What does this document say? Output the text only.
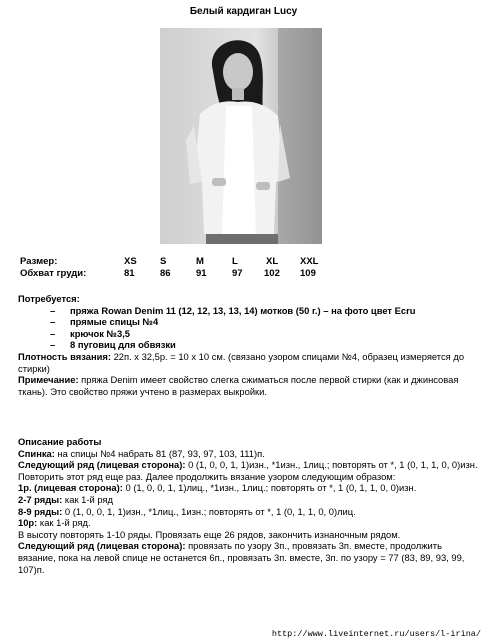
Белый кардиган Lucy
Размер:	XS S	M	L	XL XXL
Обхват груди:	81	86	91	97 102 109

Потребуется:

– пряжа Rowan Denim 11 (12, 12, 13, 13, 14) мотков (50 г.) – на фото цвет Ecru
– прямые спицы №4
– крючок №3,5
– 8 пуговиц для обвязки

Плотность вязания: 22п. x 32,5р. = 10 x 10 см. (связано узором спицами №4, образец измеряется до стирки)

Примечание: пряжа Denim имеет свойство слегка сжиматься после первой стирки (как и джинсовая ткань). Это свойство пряжи учтено в размерах выкройки.

Описание работы

Спинка: на спицы №4 набрать 81 (87, 93, 97, 103, 111)п.

Следующий ряд (лицевая сторона): 0 (1, 0, 0, 1, 1)изн., *1изн., 1лиц.; повторять от *, 1 (0, 1, 1, 0, 0)изн.

Повторить этот ряд еще раз. Далее продолжить вязание узором следующим образом:

1р. (лицевая сторона): 0 (1, 0, 0, 1, 1)лиц., *1изн., 1лиц.; повторять от *, 1 (0, 1, 1, 0, 0)изн.

2-7 ряды: как 1-й ряд

8-9 ряды: 0 (1, 0, 0, 1, 1)изн., *1лиц., 1изн.; повторять от *, 1 (0, 1, 1, 0, 0)лиц.

10р: как 1-й ряд.

В высоту повторять 1-10 ряды. Провязать еще 26 рядов, закончить изнаночным рядом.

Следующий ряд (лицевая сторона): провязать по узору 3п., провязать 3п. вместе, продолжить вязание, пока на левой спице не останется 6п., провязать 3п. вместе, 3п. по узору = 77 (83, 89, 93, 99, 107)п.

http://www.liveinternet.ru/users/l-irina/
